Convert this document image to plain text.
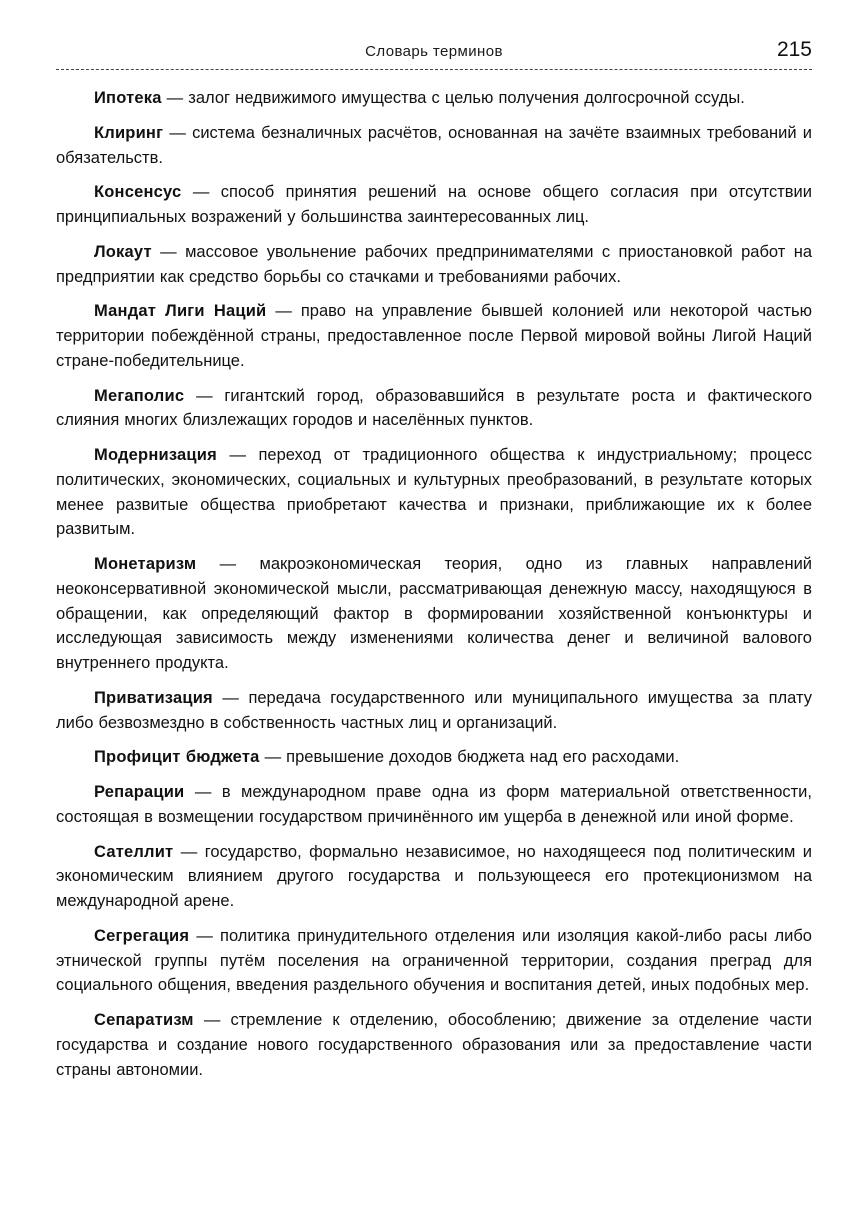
Словарь терминов	215

Ипотека — залог недвижимого имущества с целью получения долгосрочной ссуды.

Клиринг — система безналичных расчётов, основанная на зачёте взаимных требований и обязательств.

Консенсус — способ принятия решений на основе общего согласия при отсутствии принципиальных возражений у большинства заинтересованных лиц.

Локаут — массовое увольнение рабочих предпринимателями с приостановкой работ на предприятии как средство борьбы со стачками и требованиями рабочих.

Мандат Лиги Наций — право на управление бывшей колонией или некоторой частью территории побеждённой страны, предоставленное после Первой мировой войны Лигой Наций стране-победительнице.

Мегаполис — гигантский город, образовавшийся в результате роста и фактического слияния многих близлежащих городов и населённых пунктов.

Модернизация — переход от традиционного общества к индустриальному; процесс политических, экономических, социальных и культурных преобразований, в результате которых менее развитые общества приобретают качества и признаки, приближающие их к более развитым.

Монетаризм — макроэкономическая теория, одно из главных направлений неоконсервативной экономической мысли, рассматривающая денежную массу, находящуюся в обращении, как определяющий фактор в формировании хозяйственной конъюнктуры и исследующая зависимость между изменениями количества денег и величиной валового внутреннего продукта.

Приватизация — передача государственного или муниципального имущества за плату либо безвозмездно в собственность частных лиц и организаций.

Профицит бюджета — превышение доходов бюджета над его расходами.

Репарации — в международном праве одна из форм материальной ответственности, состоящая в возмещении государством причинённого им ущерба в денежной или иной форме.

Сателлит — государство, формально независимое, но находящееся под политическим и экономическим влиянием другого государства и пользующееся его протекционизмом на международной арене.

Сегрегация — политика принудительного отделения или изоляция какой-либо расы либо этнической группы путём поселения на ограниченной территории, создания преград для социального общения, введения раздельного обучения и воспитания детей, иных подобных мер.

Сепаратизм — стремление к отделению, обособлению; движение за отделение части государства и создание нового государственного образования или за предоставление части страны автономии.
